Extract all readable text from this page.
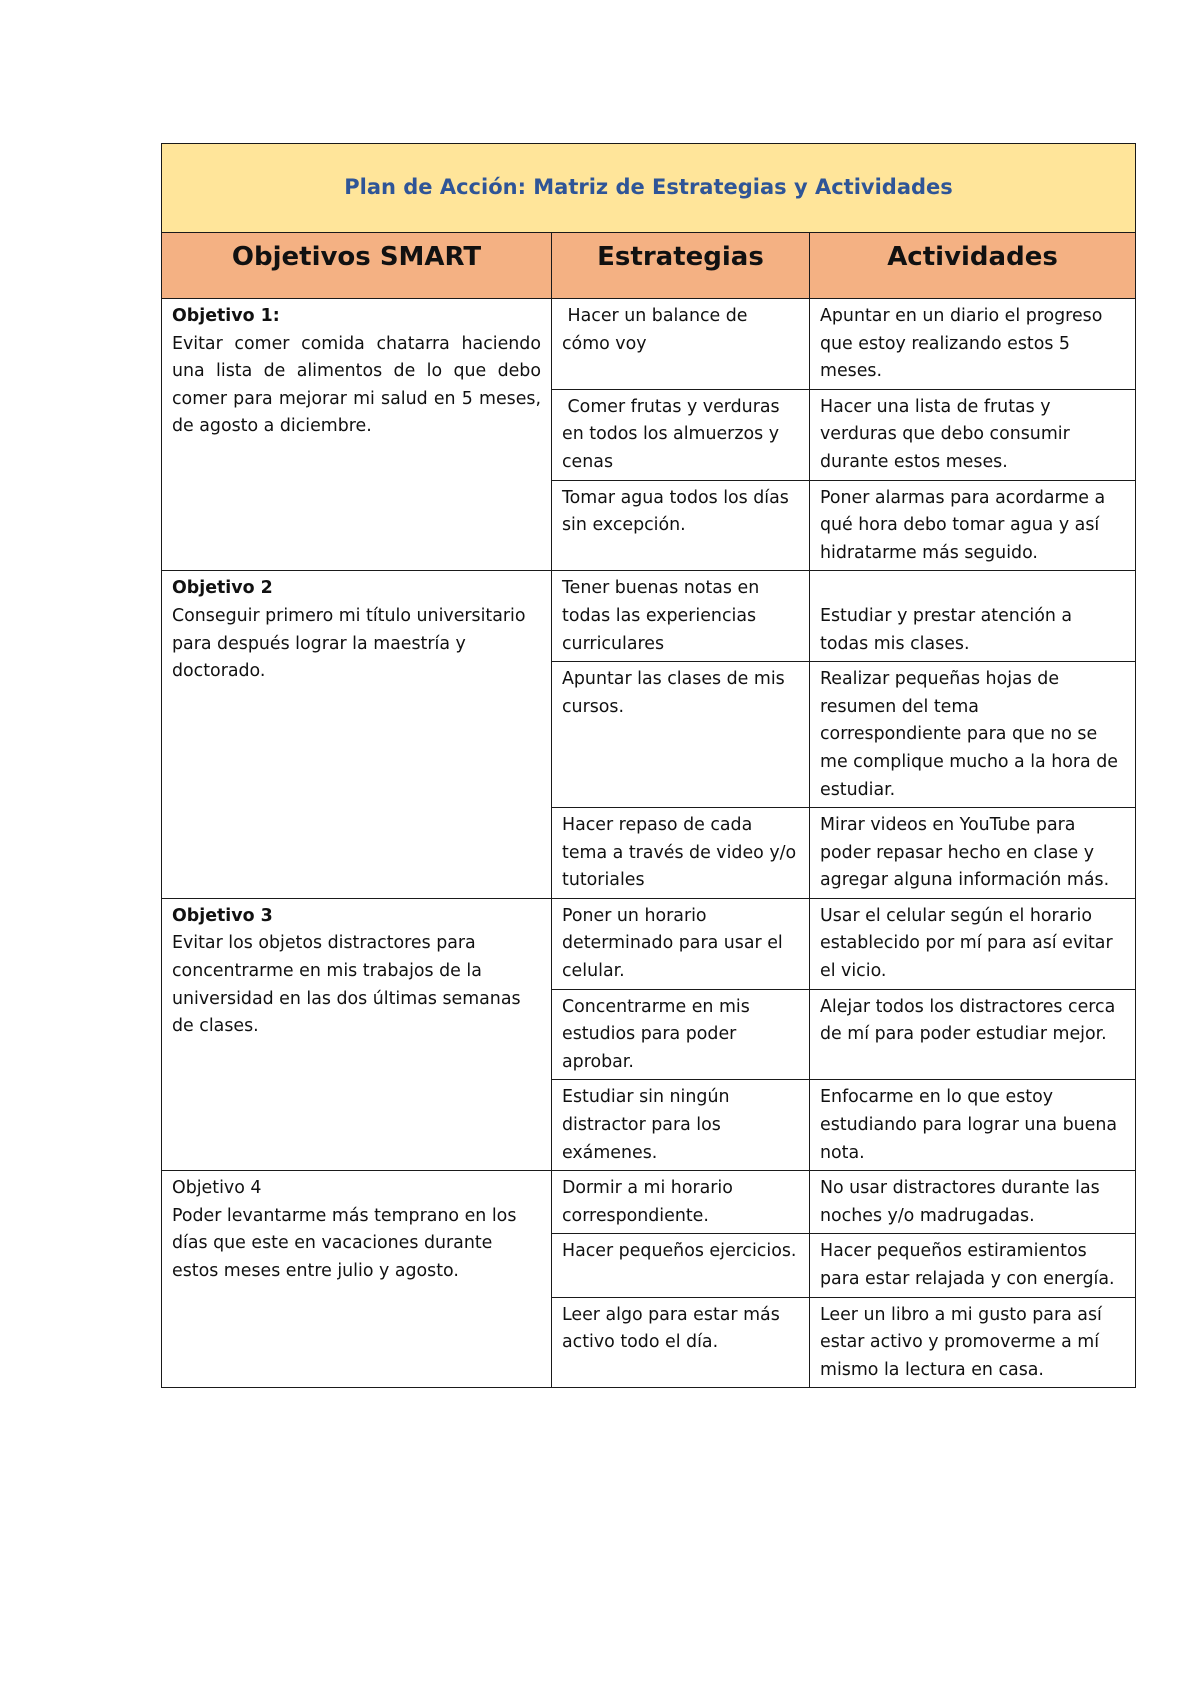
Plan de Acción: Matriz de Estrategias y Actividades		
Objetivos SMART	Estrategias	Actividades

Objetivo 1:
Evitar comer comida chatarra haciendo una lista de alimentos de lo que debo comer para mejorar mi salud en 5 meses, de agosto a diciembre.	Hacer un balance de cómo voy	Apuntar en un diario el progreso que estoy realizando estos 5 meses.
	Comer frutas y verduras en todos los almuerzos y cenas	Hacer una lista de frutas y verduras que debo consumir durante estos meses.
	Tomar agua todos los días sin excepción.	Poner alarmas para acordarme a qué hora debo tomar agua y así hidratarme más seguido.

Objetivo 2
Conseguir primero mi título universitario para después lograr la maestría y doctorado.	Tener buenas notas en todas las experiencias curriculares	Estudiar y prestar atención a todas mis clases.
	Apuntar las clases de mis cursos.	Realizar pequeñas hojas de resumen del tema correspondiente para que no se me complique mucho a la hora de estudiar.
	Hacer repaso de cada tema a través de video y/o tutoriales	Mirar videos en YouTube para poder repasar hecho en clase y agregar alguna información más.

Objetivo 3
Evitar los objetos distractores para concentrarme en mis trabajos de la universidad en las dos últimas semanas de clases.	Poner un horario determinado para usar el celular.	Usar el celular según el horario establecido por mí para así evitar el vicio.
	Concentrarme en mis estudios para poder aprobar.	Alejar todos los distractores cerca de mí para poder estudiar mejor.
	Estudiar sin ningún distractor para los exámenes.	Enfocarme en lo que estoy estudiando para lograr una buena nota.

Objetivo 4
Poder levantarme más temprano en los días que este en vacaciones durante estos meses entre julio y agosto.	Dormir a mi horario correspondiente.	No usar distractores durante las noches y/o madrugadas.
	Hacer pequeños ejercicios.	Hacer pequeños estiramientos para estar relajada y con energía.
	Leer algo para estar más activo todo el día.	Leer un libro a mi gusto para así estar activo y promoverme a mí mismo la lectura en casa.
